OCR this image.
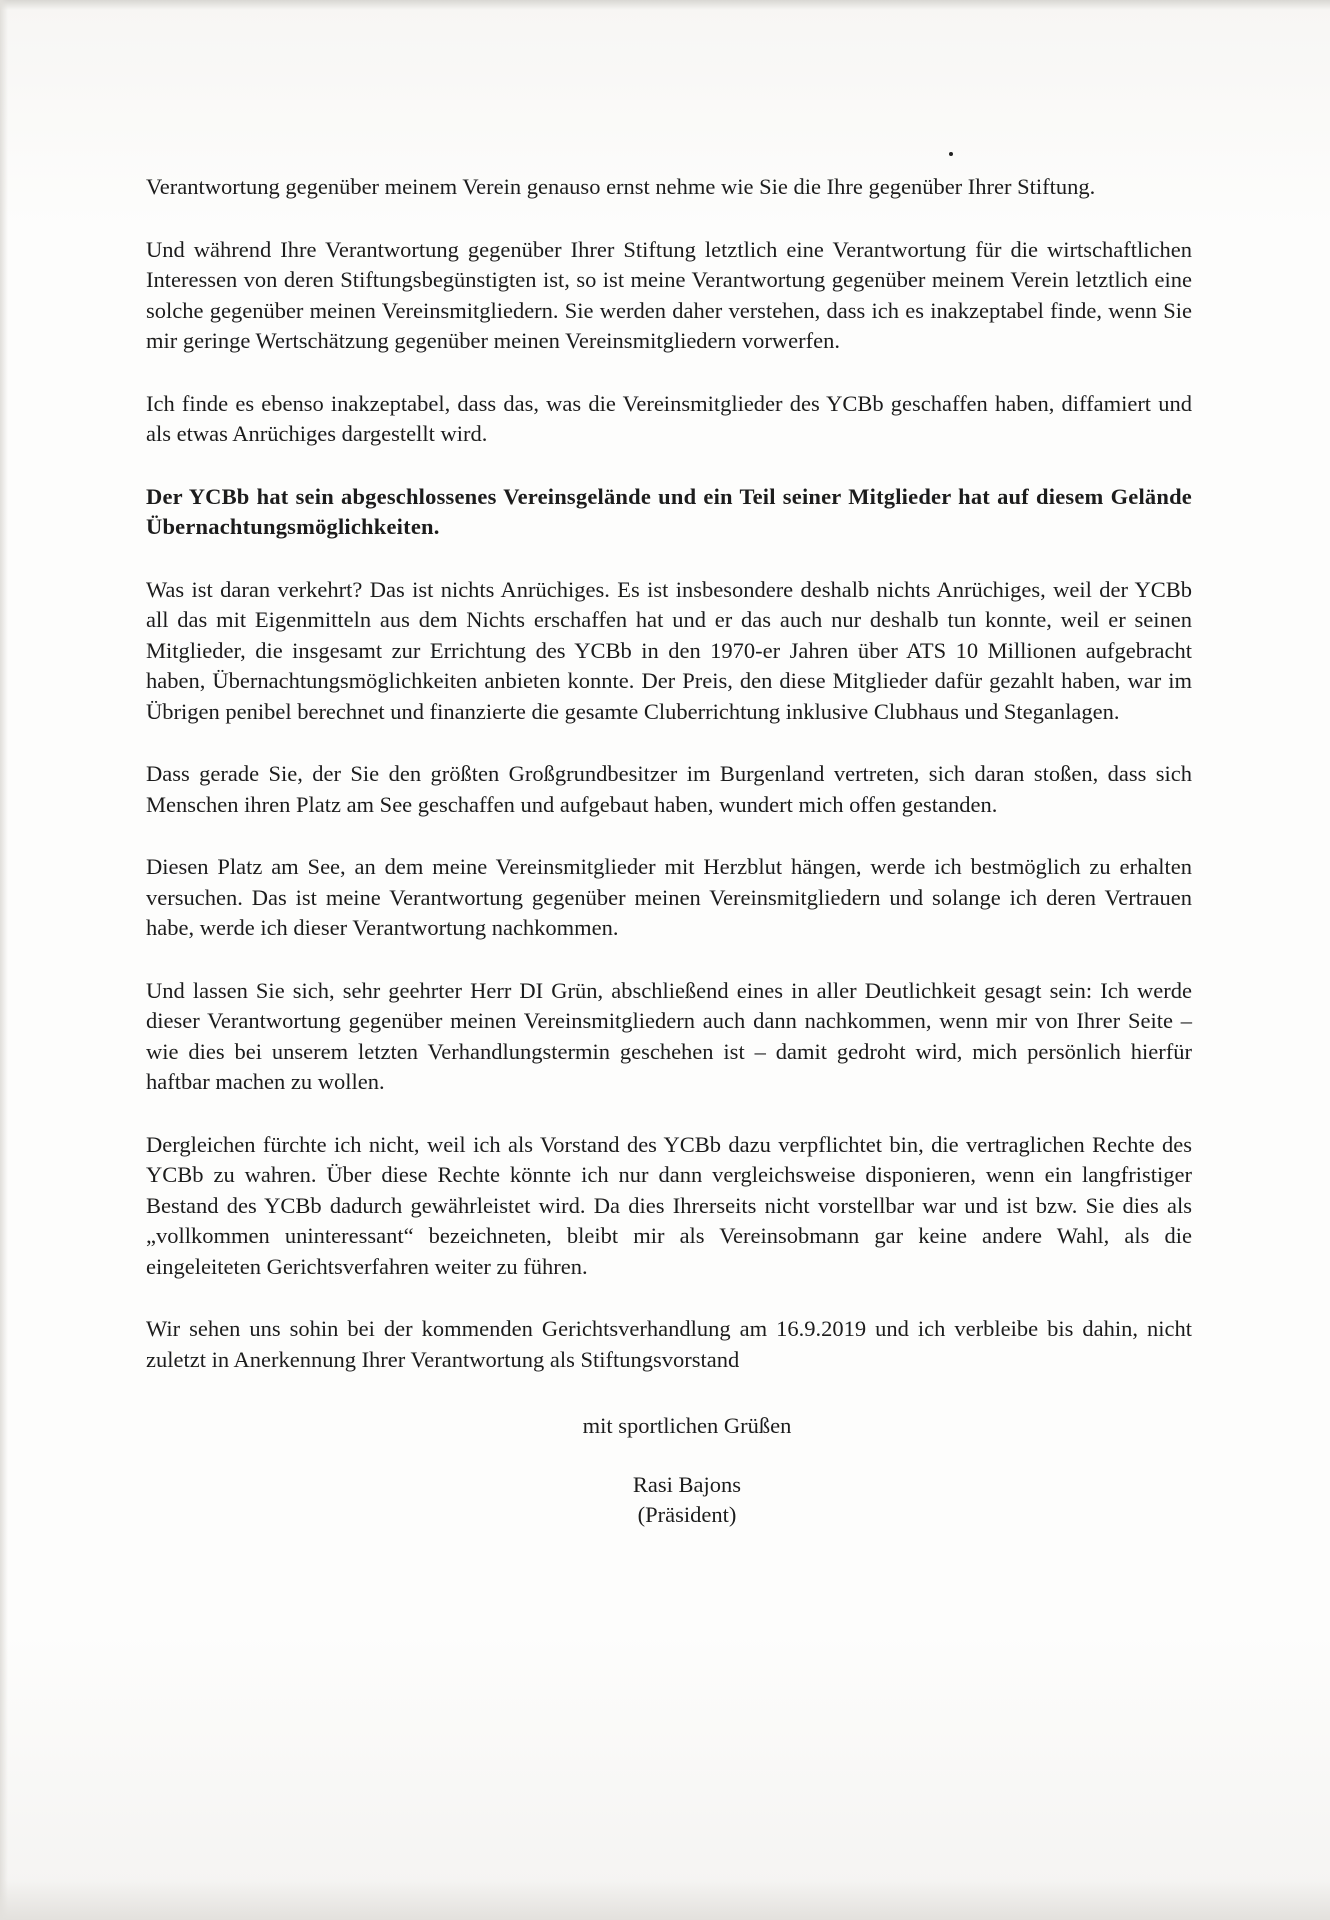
Verantwortung gegenüber meinem Verein genauso ernst nehme wie Sie die Ihre gegenüber Ihrer Stiftung.

Und während Ihre Verantwortung gegenüber Ihrer Stiftung letztlich eine Verantwortung für die wirtschaftlichen Interessen von deren Stiftungsbegünstigten ist, so ist meine Verantwortung gegenüber meinem Verein letztlich eine solche gegenüber meinen Vereinsmitgliedern. Sie werden daher verstehen, dass ich es inakzeptabel finde, wenn Sie mir geringe Wertschätzung gegenüber meinen Vereinsmitgliedern vorwerfen.

Ich finde es ebenso inakzeptabel, dass das, was die Vereinsmitglieder des YCBb geschaffen haben, diffamiert und als etwas Anrüchiges dargestellt wird.

Der YCBb hat sein abgeschlossenes Vereinsgelände und ein Teil seiner Mitglieder hat auf diesem Gelände Übernachtungsmöglichkeiten.

Was ist daran verkehrt? Das ist nichts Anrüchiges. Es ist insbesondere deshalb nichts Anrüchiges, weil der YCBb all das mit Eigenmitteln aus dem Nichts erschaffen hat und er das auch nur deshalb tun konnte, weil er seinen Mitglieder, die insgesamt zur Errichtung des YCBb in den 1970-er Jahren über ATS 10 Millionen aufgebracht haben, Übernachtungsmöglichkeiten anbieten konnte. Der Preis, den diese Mitglieder dafür gezahlt haben, war im Übrigen penibel berechnet und finanzierte die gesamte Cluberrichtung inklusive Clubhaus und Steganlagen.

Dass gerade Sie, der Sie den größten Großgrundbesitzer im Burgenland vertreten, sich daran stoßen, dass sich Menschen ihren Platz am See geschaffen und aufgebaut haben, wundert mich offen gestanden.

Diesen Platz am See, an dem meine Vereinsmitglieder mit Herzblut hängen, werde ich bestmöglich zu erhalten versuchen. Das ist meine Verantwortung gegenüber meinen Vereinsmitgliedern und solange ich deren Vertrauen habe, werde ich dieser Verantwortung nachkommen.

Und lassen Sie sich, sehr geehrter Herr DI Grün, abschließend eines in aller Deutlichkeit gesagt sein: Ich werde dieser Verantwortung gegenüber meinen Vereinsmitgliedern auch dann nachkommen, wenn mir von Ihrer Seite – wie dies bei unserem letzten Verhandlungstermin geschehen ist – damit gedroht wird, mich persönlich hierfür haftbar machen zu wollen.

Dergleichen fürchte ich nicht, weil ich als Vorstand des YCBb dazu verpflichtet bin, die vertraglichen Rechte des YCBb zu wahren. Über diese Rechte könnte ich nur dann vergleichsweise disponieren, wenn ein langfristiger Bestand des YCBb dadurch gewährleistet wird. Da dies Ihrerseits nicht vorstellbar war und ist bzw. Sie dies als „vollkommen uninteressant“ bezeichneten, bleibt mir als Vereinsobmann gar keine andere Wahl, als die eingeleiteten Gerichtsverfahren weiter zu führen.

Wir sehen uns sohin bei der kommenden Gerichtsverhandlung am 16.9.2019 und ich verbleibe bis dahin, nicht zuletzt in Anerkennung Ihrer Verantwortung als Stiftungsvorstand

mit sportlichen Grüßen

Rasi Bajons

(Präsident)
